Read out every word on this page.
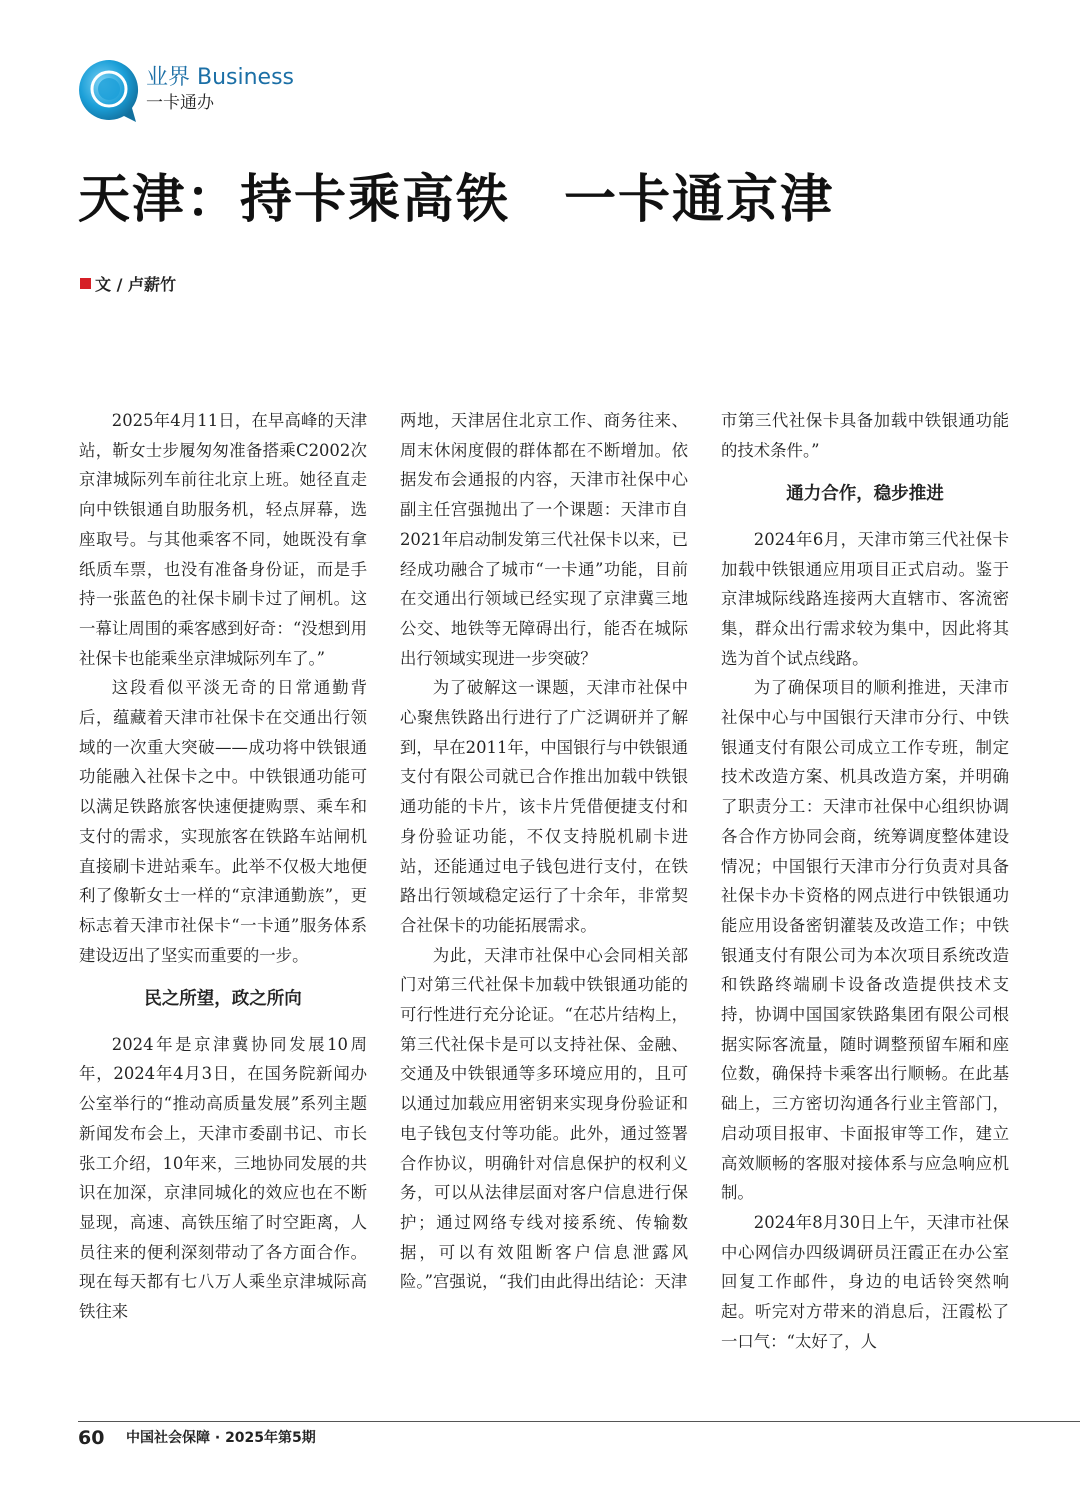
业界 Business
一卡通办
天津：持卡乘高铁　一卡通京津
文 / 卢薪竹

2025年4月11日，在早高峰的天津站，靳女士步履匆匆准备搭乘C2002次京津城际列车前往北京上班。她径直走向中铁银通自助服务机，轻点屏幕，选座取号。与其他乘客不同，她既没有拿纸质车票，也没有准备身份证，而是手持一张蓝色的社保卡刷卡过了闸机。这一幕让周围的乘客感到好奇：“没想到用社保卡也能乘坐京津城际列车了。”

这段看似平淡无奇的日常通勤背后，蕴藏着天津市社保卡在交通出行领域的一次重大突破——成功将中铁银通功能融入社保卡之中。中铁银通功能可以满足铁路旅客快速便捷购票、乘车和支付的需求，实现旅客在铁路车站闸机直接刷卡进站乘车。此举不仅极大地便利了像靳女士一样的“京津通勤族”，更标志着天津市社保卡“一卡通”服务体系建设迈出了坚实而重要的一步。

民之所望，政之所向

2024年是京津冀协同发展10周年，2024年4月3日，在国务院新闻办公室举行的“推动高质量发展”系列主题新闻发布会上，天津市委副书记、市长张工介绍，10年来，三地协同发展的共识在加深，京津同城化的效应也在不断显现，高速、高铁压缩了时空距离，人员往来的便利深刻带动了各方面合作。现在每天都有七八万人乘坐京津城际高铁往来

两地，天津居住北京工作、商务往来、周末休闲度假的群体都在不断增加。依据发布会通报的内容，天津市社保中心副主任宫强抛出了一个课题：天津市自2021年启动制发第三代社保卡以来，已经成功融合了城市“一卡通”功能，目前在交通出行领域已经实现了京津冀三地公交、地铁等无障碍出行，能否在城际出行领域实现进一步突破？

为了破解这一课题，天津市社保中心聚焦铁路出行进行了广泛调研并了解到，早在2011年，中国银行与中铁银通支付有限公司就已合作推出加载中铁银通功能的卡片，该卡片凭借便捷支付和身份验证功能，不仅支持脱机刷卡进站，还能通过电子钱包进行支付，在铁路出行领域稳定运行了十余年，非常契合社保卡的功能拓展需求。

为此，天津市社保中心会同相关部门对第三代社保卡加载中铁银通功能的可行性进行充分论证。“在芯片结构上，第三代社保卡是可以支持社保、金融、交通及中铁银通等多环境应用的，且可以通过加载应用密钥来实现身份验证和电子钱包支付等功能。此外，通过签署合作协议，明确针对信息保护的权利义务，可以从法律层面对客户信息进行保护；通过网络专线对接系统、传输数据，可以有效阻断客户信息泄露风险。”宫强说，“我们由此得出结论：天津

市第三代社保卡具备加载中铁银通功能的技术条件。”

通力合作，稳步推进

2024年6月，天津市第三代社保卡加载中铁银通应用项目正式启动。鉴于京津城际线路连接两大直辖市、客流密集，群众出行需求较为集中，因此将其选为首个试点线路。

为了确保项目的顺利推进，天津市社保中心与中国银行天津市分行、中铁银通支付有限公司成立工作专班，制定技术改造方案、机具改造方案，并明确了职责分工：天津市社保中心组织协调各合作方协同会商，统筹调度整体建设情况；中国银行天津市分行负责对具备社保卡办卡资格的网点进行中铁银通功能应用设备密钥灌装及改造工作；中铁银通支付有限公司为本次项目系统改造和铁路终端刷卡设备改造提供技术支持，协调中国国家铁路集团有限公司根据实际客流量，随时调整预留车厢和座位数，确保持卡乘客出行顺畅。在此基础上，三方密切沟通各行业主管部门，启动项目报审、卡面报审等工作，建立高效顺畅的客服对接体系与应急响应机制。

2024年8月30日上午，天津市社保中心网信办四级调研员汪霞正在办公室回复工作邮件，身边的电话铃突然响起。听完对方带来的消息后，汪霞松了一口气：“太好了，人

60 中国社会保障 · 2025年第5期
